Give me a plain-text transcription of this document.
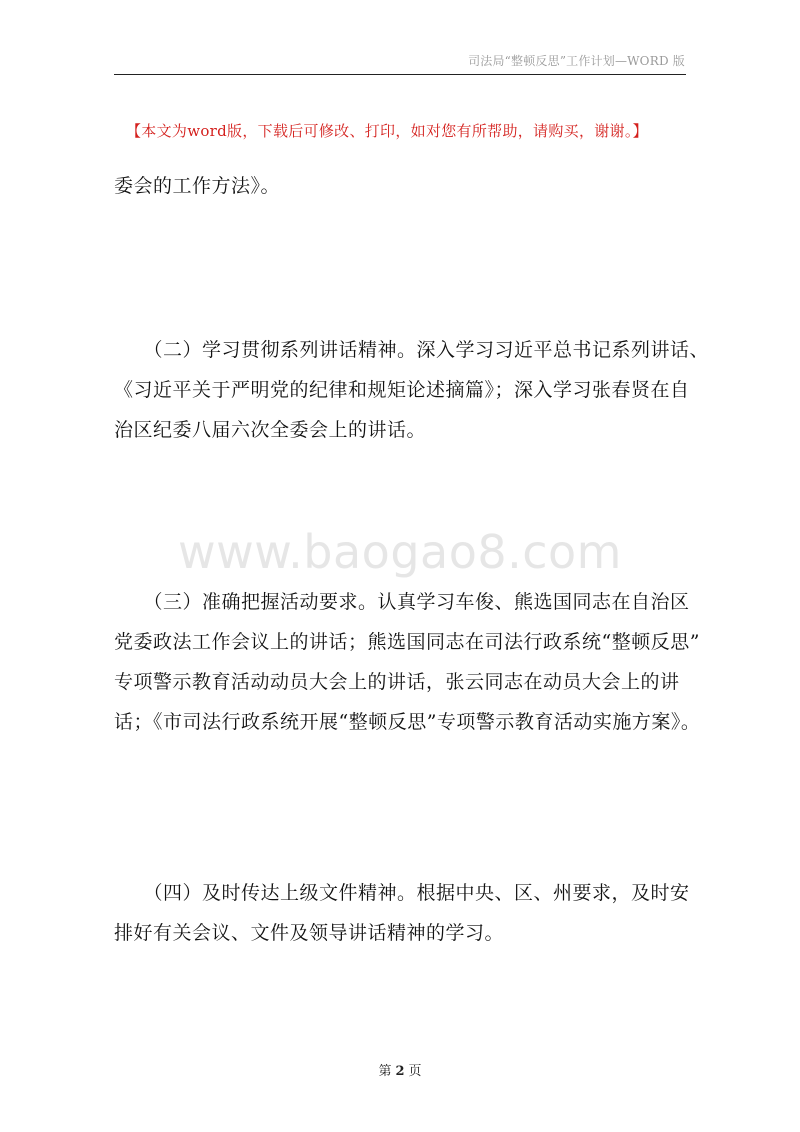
司法局“整顿反思”工作计划—WORD 版
【本文为word版，下载后可修改、打印，如对您有所帮助，请购买，谢谢。】
委会的工作方法》。
　　（二）学习贯彻系列讲话精神。深入学习习近平总书记系列讲话、
《习近平关于严明党的纪律和规矩论述摘篇》；深入学习张春贤在自
治区纪委八届六次全委会上的讲话。
www.baogao8.com
　　（三）准确把握活动要求。认真学习车俊、熊选国同志在自治区
党委政法工作会议上的讲话；熊选国同志在司法行政系统“整顿反思”
专项警示教育活动动员大会上的讲话，张云同志在动员大会上的讲
话；《市司法行政系统开展“整顿反思”专项警示教育活动实施方案》。
　　（四）及时传达上级文件精神。根据中央、区、州要求，及时安
排好有关会议、文件及领导讲话精神的学习。
第 2 页
